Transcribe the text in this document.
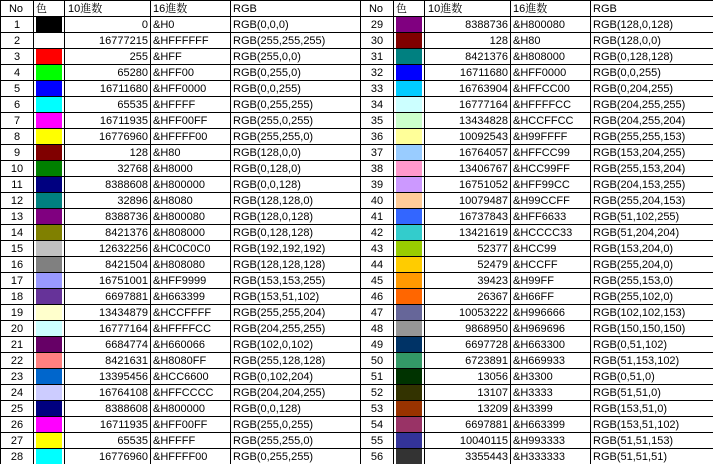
No	色	10進数	16進数	RGB	No	色	10進数	16進数	RGB
1		0	&H0	RGB(0,0,0)	29		8388736	&H800080	RGB(128,0,128)
2		16777215	&HFFFFFF	RGB(255,255,255)	30		128	&H80	RGB(128,0,0)
3		255	&HFF	RGB(255,0,0)	31		8421376	&H808000	RGB(0,128,128)
4		65280	&HFF00	RGB(0,255,0)	32		16711680	&HFF0000	RGB(0,0,255)
5		16711680	&HFF0000	RGB(0,0,255)	33		16763904	&HFFCC00	RGB(0,204,255)
6		65535	&HFFFF	RGB(0,255,255)	34		16777164	&HFFFFCC	RGB(204,255,255)
7		16711935	&HFF00FF	RGB(255,0,255)	35		13434828	&HCCFFCC	RGB(204,255,204)
8		16776960	&HFFFF00	RGB(255,255,0)	36		10092543	&H99FFFF	RGB(255,255,153)
9		128	&H80	RGB(128,0,0)	37		16764057	&HFFCC99	RGB(153,204,255)
10		32768	&H8000	RGB(0,128,0)	38		13406767	&HCC99FF	RGB(255,153,204)
11		8388608	&H800000	RGB(0,0,128)	39		16751052	&HFF99CC	RGB(204,153,255)
12		32896	&H8080	RGB(128,128,0)	40		10079487	&H99CCFF	RGB(255,204,153)
13		8388736	&H800080	RGB(128,0,128)	41		16737843	&HFF6633	RGB(51,102,255)
14		8421376	&H808000	RGB(0,128,128)	42		13421619	&HCCCC33	RGB(51,204,204)
15		12632256	&HC0C0C0	RGB(192,192,192)	43		52377	&HCC99	RGB(153,204,0)
16		8421504	&H808080	RGB(128,128,128)	44		52479	&HCCFF	RGB(255,204,0)
17		16751001	&HFF9999	RGB(153,153,255)	45		39423	&H99FF	RGB(255,153,0)
18		6697881	&H663399	RGB(153,51,102)	46		26367	&H66FF	RGB(255,102,0)
19		13434879	&HCCFFFF	RGB(255,255,204)	47		10053222	&H996666	RGB(102,102,153)
20		16777164	&HFFFFCC	RGB(204,255,255)	48		9868950	&H969696	RGB(150,150,150)
21		6684774	&H660066	RGB(102,0,102)	49		6697728	&H663300	RGB(0,51,102)
22		8421631	&H8080FF	RGB(255,128,128)	50		6723891	&H669933	RGB(51,153,102)
23		13395456	&HCC6600	RGB(0,102,204)	51		13056	&H3300	RGB(0,51,0)
24		16764108	&HFFCCCC	RGB(204,204,255)	52		13107	&H3333	RGB(51,51,0)
25		8388608	&H800000	RGB(0,0,128)	53		13209	&H3399	RGB(153,51,0)
26		16711935	&HFF00FF	RGB(255,0,255)	54		6697881	&H663399	RGB(153,51,102)
27		65535	&HFFFF	RGB(255,255,0)	55		10040115	&H993333	RGB(51,51,153)
28		16776960	&HFFFF00	RGB(0,255,255)	56		3355443	&H333333	RGB(51,51,51)
